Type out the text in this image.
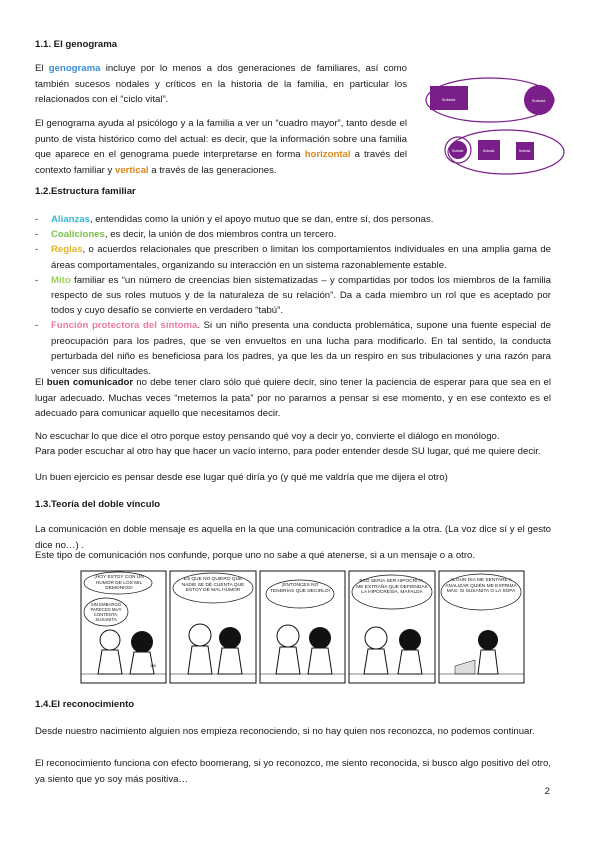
1.1. El genograma
El genograma incluye por lo menos a dos generaciones de familiares, así como también sucesos nodales y críticos en la historia de la familia, en particular los relacionados con el “ciclo vital”.
El genograma ayuda al psicólogo y a la familia a ver un “cuadro mayor”, tanto desde el punto de vista histórico como del actual: es decir, que la información sobre una familia que aparece en el genograma puede interpretarse en forma horizontal a través del contexto familiar y vertical a través de las generaciones.
Subsist.	Subsist.
Subsist.	Subsist.	Subsist.
1.2.Estructura familiar
- Alianzas, entendidas como la unión y el apoyo mutuo que se dan, entre sí, dos personas.
- Coaliciones, es decir, la unión de dos miembros contra un tercero.
- Reglas, o acuerdos relacionales que prescriben o limitan los comportamientos individuales en una amplia gama de áreas comportamentales, organizando su interacción en un sistema razonablemente estable.
- Mito familiar es “un número de creencias bien sistematizadas – y compartidas por todos los miembros de la familia respecto de sus roles mutuos y de la naturaleza de su relación”. Da a cada miembro un rol que es aceptado por todos y cuyo desafío se convierte en verdadero “tabú”.
- Función protectora del síntoma. Si un niño presenta una conducta problemática, supone una fuente especial de preocupación para los padres, que se ven envueltos en una lucha para modificarlo. En tal sentido, la conducta perturbada del niño es beneficiosa para los padres, ya que les da un respiro en sus tribulaciones y una razón para vencer sus dificultades.
El buen comunicador no debe tener claro sólo qué quiere decir, sino tener la paciencia de esperar para que sea en el lugar adecuado. Muchas veces “metemos la pata” por no pararnos a pensar si ese momento, y en ese contexto es el adecuado para comunicar aquello que necesitamos decir.
No escuchar lo que dice el otro porque estoy pensando qué voy a decir yo, convierte el diálogo en monólogo.
Para poder escuchar al otro hay que hacer un vacío interno, para poder entender desde SU lugar, qué me quiere decir.
Un buen ejercicio es pensar desde ese lugar qué diría yo (y qué me valdría que me dijera el otro)
1.3.Teoría del doble vínculo
La comunicación en doble mensaje es aquella en la que una comunicación contradice a la otra. (La voz dice sí y el gesto dice no…) .
Este tipo de comunicación nos confunde, porque uno no sabe a qué atenerse, si a un mensaje o a otro.
¡HOY ESTOY CON UN HUMOR DE LOS MIL DEMONIOS!
SIN EMBARGO PARECES MUY CONTENTA, SUSANITA
406
ES QUE NO QUIERO QUE NADIE SE DÉ CUENTA QUE ESTOY DE MAL HUMOR
¡ENTONCES NO TENDRÍAS QUE DECIRLO!
ESO SERÍA SER HIPÓCRITA, ME EXTRAÑA QUE DEFIENDAS LA HIPOCRESÍA, MAFALDA
ALGÚN DÍA ME SENTARÉ A ANALIZAR QUIÉN ME EXPRIMA MÁS: SI SUSANITA O LA SOPA
1.4.El reconocimiento
Desde nuestro nacimiento alguien nos empieza reconociendo, si no hay quien nos reconozca, no podemos continuar.
El reconocimiento funciona con efecto boomerang, si yo reconozco, me siento reconocida, si busco algo positivo del otro, ya siento que yo soy más positiva…
2
